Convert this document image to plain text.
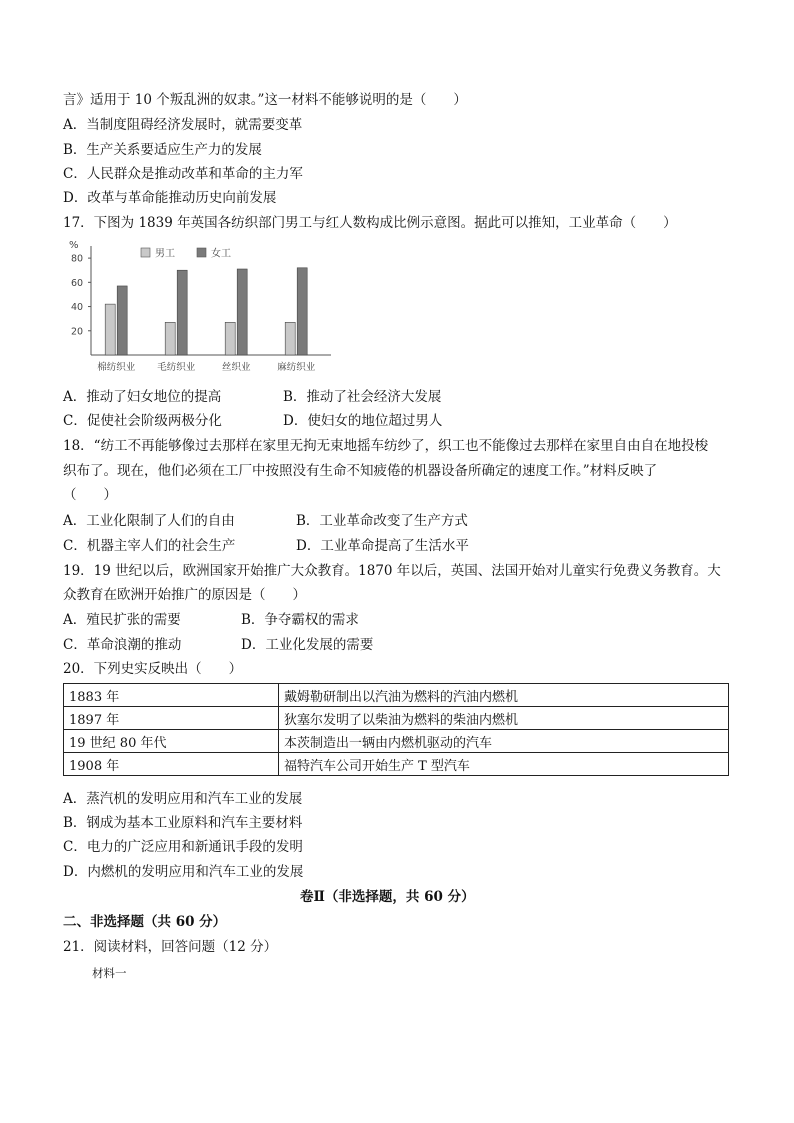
言》适用于 10 个叛乱洲的奴隶。”这一材料不能够说明的是（　　）
A．当制度阻碍经济发展时，就需要变革
B．生产关系要适应生产力的发展
C．人民群众是推动改革和革命的主力军
D．改革与革命能推动历史向前发展
17．下图为 1839 年英国各纺织部门男工与红人数构成比例示意图。据此可以推知，工业革命（　　）
%
20
40
60
80	男工	女工
棉纺织业 毛纺织业	丝织业	麻纺织业
A．推动了妇女地位的提高	B．推动了社会经济大发展
C．促使社会阶级两极分化	D．使妇女的地位超过男人
18．“纺工不再能够像过去那样在家里无拘无束地摇车纺纱了，织工也不能像过去那样在家里自由自在地投梭
织布了。现在，他们必须在工厂中按照没有生命不知疲倦的机器设备所确定的速度工作。”材料反映了
（　　）
A．工业化限制了人们的自由	B．工业革命改变了生产方式
C．机器主宰人们的社会生产	D．工业革命提高了生活水平
19．19 世纪以后，欧洲国家开始推广大众教育。1870 年以后，英国、法国开始对儿童实行免费义务教育。大
众教育在欧洲开始推广的原因是（　　）
A．殖民扩张的需要	B．争夺霸权的需求
C．革命浪潮的推动	D．工业化发展的需要
20．下列史实反映出（　　）
1883 年	戴姆勒研制出以汽油为燃料的汽油内燃机
1897 年	狄塞尔发明了以柴油为燃料的柴油内燃机
19 世纪 80 年代	本茨制造出一辆由内燃机驱动的汽车
1908 年	福特汽车公司开始生产 T 型汽车
A．蒸汽机的发明应用和汽车工业的发展
B．钢成为基本工业原料和汽车主要材料
C．电力的广泛应用和新通讯手段的发明
D．内燃机的发明应用和汽车工业的发展
卷Ⅱ（非选择题，共 60 分）
二、非选择题（共 60 分）
21．阅读材料，回答问题（12 分）
材料一
